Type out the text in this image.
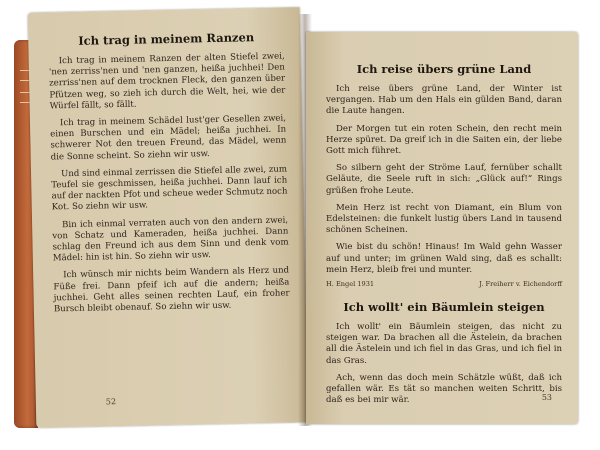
Ich trag in meinem Ranzen

Ich trag in meinem Ranzen der alten Stiefel zwei, 'nen zerriss'nen und 'nen ganzen, heißa juchhei! Den zerriss'nen auf dem trocknen Fleck, den ganzen über Pfützen weg, so zieh ich durch die Welt, hei, wie der Würfel fällt, so fällt.

Ich trag in meinem Schädel lust'ger Gesellen zwei, einen Burschen und ein Mädel; heißa juchhei. In schwerer Not den treuen Freund, das Mädel, wenn die Sonne scheint. So ziehn wir usw.

Und sind einmal zerrissen die Stiefel alle zwei, zum Teufel sie geschmissen, heißa juchhei. Dann lauf ich auf der nackten Pfot und scheue weder Schmutz noch Kot. So ziehn wir usw.

Bin ich einmal verraten auch von den andern zwei, von Schatz und Kameraden, heißa juchhei. Dann schlag den Freund ich aus dem Sinn und denk vom Mädel: hin ist hin. So ziehn wir usw.

Ich wünsch mir nichts beim Wandern als Herz und Füße frei. Dann pfeif ich auf die andern; heißa juchhei. Geht alles seinen rechten Lauf, ein froher Bursch bleibt obenauf. So ziehn wir usw.

52
Ich reise übers grüne Land

Ich reise übers grüne Land, der Winter ist vergangen. Hab um den Hals ein gülden Band, daran die Laute hangen.

Der Morgen tut ein roten Schein, den recht mein Herze spüret. Da greif ich in die Saiten ein, der liebe Gott mich führet.

So silbern geht der Ströme Lauf, fernüber schallt Geläute, die Seele ruft in sich: „Glück auf!“ Rings grüßen frohe Leute.

Mein Herz ist recht von Diamant, ein Blum von Edelsteinen: die funkelt lustig übers Land in tausend schönen Scheinen.

Wie bist du schön! Hinaus! Im Wald gehn Wasser auf und unter; im grünen Wald sing, daß es schallt: mein Herz, bleib frei und munter.

H. Engel 1931	J. Freiherr v. Eichendorff
Ich wollt' ein Bäumlein steigen

Ich wollt' ein Bäumlein steigen, das nicht zu steigen war. Da brachen all die Ästelein, da brachen all die Ästelein und ich fiel in das Gras, und ich fiel in das Gras.

Ach, wenn das doch mein Schätzle wüßt, daß ich gefallen wär. Es tät so manchen weiten Schritt, bis daß es bei mir wär.	53
